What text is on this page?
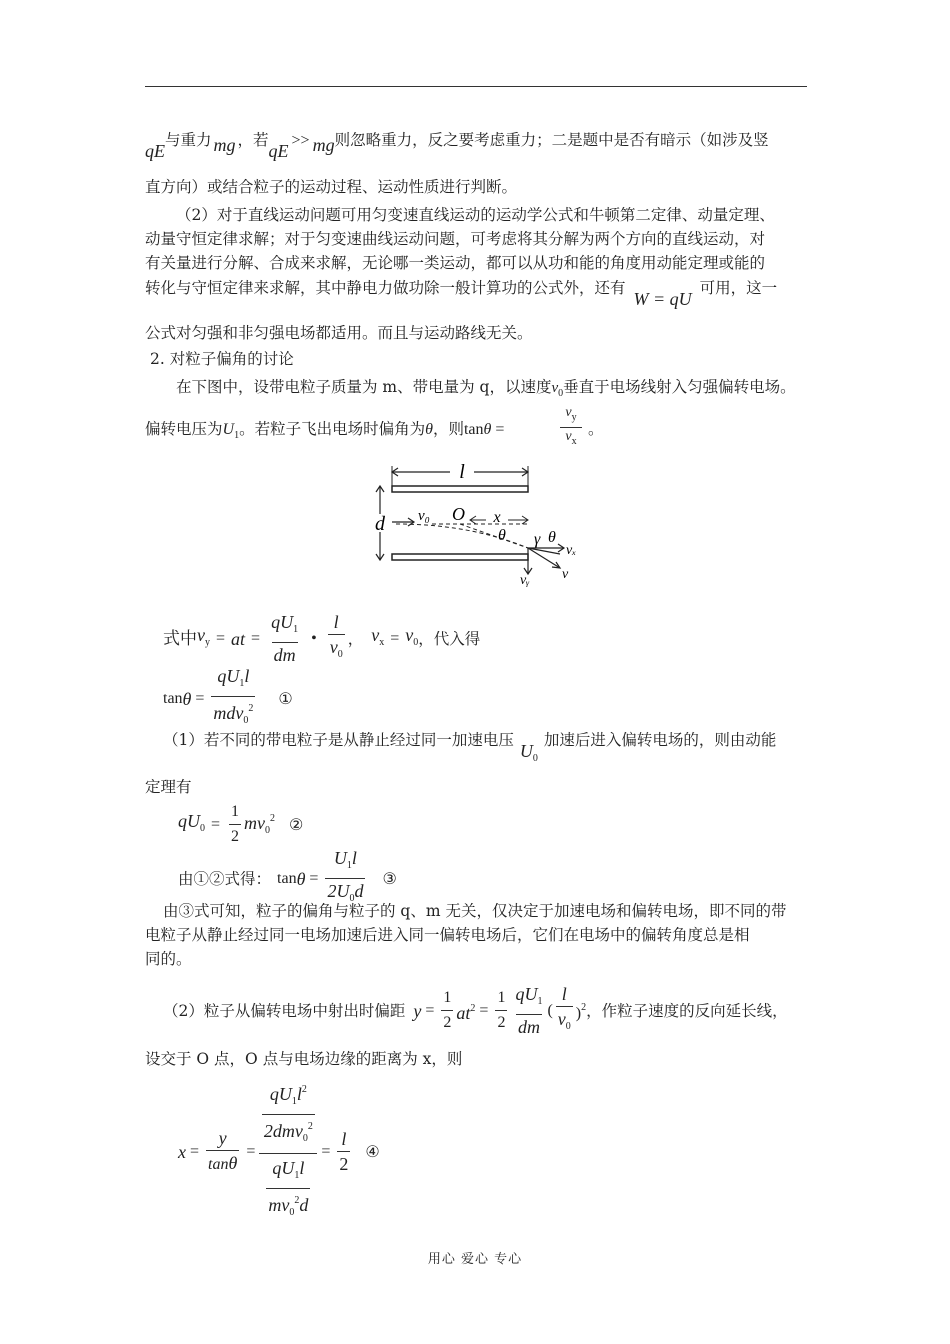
qE与重力 mg ，若qE>> mg则忽略重力，反之要考虑重力；二是题中是否有暗示（如涉及竖
直方向）或结合粒子的运动过程、运动性质进行判断。
（2）对于直线运动问题可用匀变速直线运动的运动学公式和牛顿第二定律、动量定理、
动量守恒定律求解；对于匀变速曲线运动问题，可考虑将其分解为两个方向的直线运动，对
有关量进行分解、合成来求解，无论哪一类运动，都可以从功和能的角度用动能定理或能的
转化与守恒定律来求解，其中静电力做功除一般计算功的公式外，还有W = qU可用，这一
公式对匀强和非匀强电场都适用。而且与运动路线无关。
2. 对粒子偏角的讨论
在下图中，设带电粒子质量为 m、带电量为 q，以速度$v_0$垂直于电场线射入匀强偏转电场。
偏转电压为$U_1$。若粒子飞出电场时偏角为θ，则tanθ =
$v_y$
$v_x$
。
l
d v₀ O x
θ γ θ
vₓ
vᵧ v
式中 $v_y$ = at = $\frac{qU_1}{dm}$ • $\frac{l}{v_0}$ ， $v_x = v_0$ ，代入得
$\tan \theta = \frac{qU_1l}{mdv_0^2}$ ①
（1）若不同的带电粒子是从静止经过同一加速电压$U_0$加速后进入偏转电场的，则由动能
定理有
$qU_0 = \frac{1}{2} mv_0^2$ ②
由①②式得： $\tan \theta = \frac{U_1l}{2U_0d}$ ③
由③式可知，粒子的偏角与粒子的 q、m 无关，仅决定于加速电场和偏转电场，即不同的带
电粒子从静止经过同一电场加速后进入同一偏转电场后，它们在电场中的偏转角度总是相
同的。
（2）粒子从偏转电场中射出时偏距 $y = \frac{1}{2} at^2 = \frac{1}{2} \frac{qU_1}{dm}$ ( $\frac{l}{v_0} )^2$ ，作粒子速度的反向延长线，
设交于 O 点，O 点与电场边缘的距离为 x，则
$x = \frac{y}{\tan\theta} = \frac{qU_1l^2}{2dmv_0^2}$
$\frac{qU_1l}{mv_0^2d}$
= $\frac{l}{2}$ ④
用心 爱心 专心
